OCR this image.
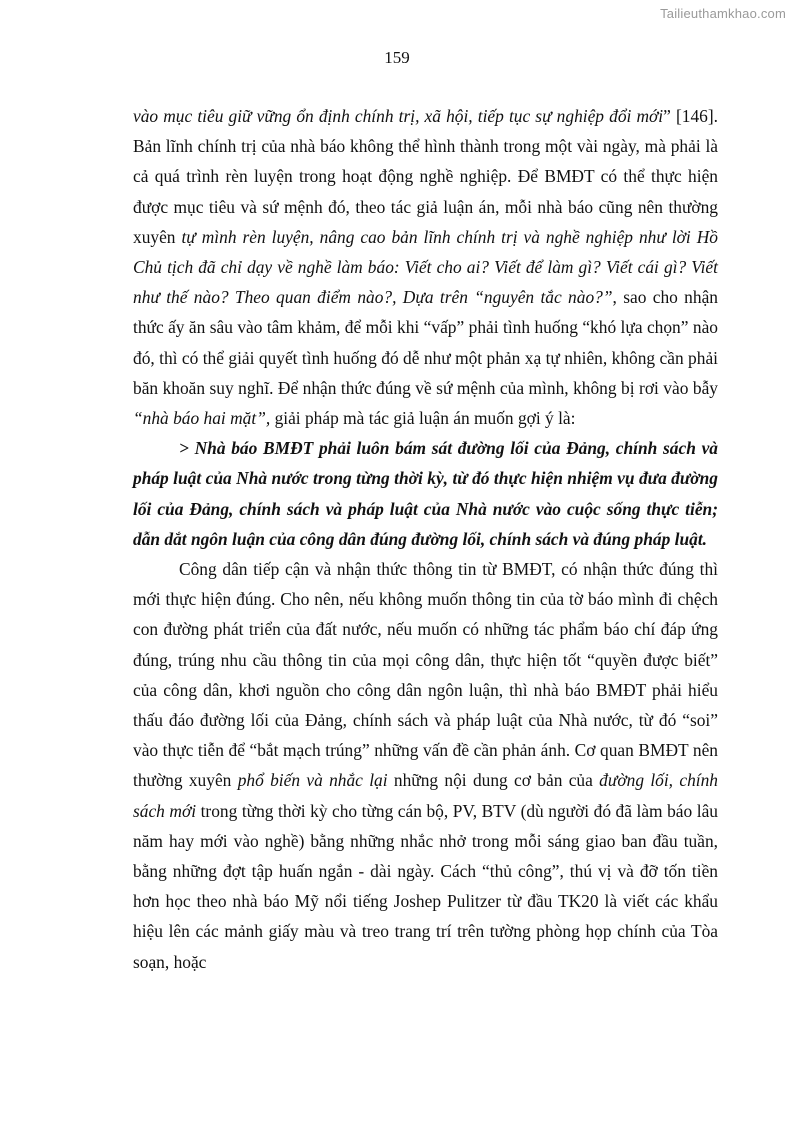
Tailieuthamkhao.com
159

vào mục tiêu giữ vững ổn định chính trị, xã hội, tiếp tục sự nghiệp đổi mới” [146]. Bản lĩnh chính trị của nhà báo không thể hình thành trong một vài ngày, mà phải là cả quá trình rèn luyện trong hoạt động nghề nghiệp. Để BMĐT có thể thực hiện được mục tiêu và sứ mệnh đó, theo tác giả luận án, mỗi nhà báo cũng nên thường xuyên tự mình rèn luyện, nâng cao bản lĩnh chính trị và nghề nghiệp như lời Hồ Chủ tịch đã chỉ dạy về nghề làm báo: Viết cho ai? Viết để làm gì? Viết cái gì? Viết như thế nào? Theo quan điểm nào?, Dựa trên “nguyên tắc nào?”, sao cho nhận thức ấy ăn sâu vào tâm khảm, để mỗi khi “vấp” phải tình huống “khó lựa chọn” nào đó, thì có thể giải quyết tình huống đó dễ như một phản xạ tự nhiên, không cần phải băn khoăn suy nghĩ. Để nhận thức đúng về sứ mệnh của mình, không bị rơi vào bẫy “nhà báo hai mặt”, giải pháp mà tác giả luận án muốn gợi ý là:

> Nhà báo BMĐT phải luôn bám sát đường lối của Đảng, chính sách và pháp luật của Nhà nước trong từng thời kỳ, từ đó thực hiện nhiệm vụ đưa đường lối của Đảng, chính sách và pháp luật của Nhà nước vào cuộc sống thực tiễn; dẫn dắt ngôn luận của công dân đúng đường lối, chính sách và đúng pháp luật.

Công dân tiếp cận và nhận thức thông tin từ BMĐT, có nhận thức đúng thì mới thực hiện đúng. Cho nên, nếu không muốn thông tin của tờ báo mình đi chệch con đường phát triển của đất nước, nếu muốn có những tác phẩm báo chí đáp ứng đúng, trúng nhu cầu thông tin của mọi công dân, thực hiện tốt “quyền được biết” của công dân, khơi nguồn cho công dân ngôn luận, thì nhà báo BMĐT phải hiểu thấu đáo đường lối của Đảng, chính sách và pháp luật của Nhà nước, từ đó “soi” vào thực tiễn để “bắt mạch trúng” những vấn đề cần phản ánh. Cơ quan BMĐT nên thường xuyên phổ biến và nhắc lại những nội dung cơ bản của đường lối, chính sách mới trong từng thời kỳ cho từng cán bộ, PV, BTV (dù người đó đã làm báo lâu năm hay mới vào nghề) bằng những nhắc nhở trong mỗi sáng giao ban đầu tuần, bằng những đợt tập huấn ngắn - dài ngày. Cách “thủ công”, thú vị và đỡ tốn tiền hơn học theo nhà báo Mỹ nổi tiếng Joshep Pulitzer từ đầu TK20 là viết các khẩu hiệu lên các mảnh giấy màu và treo trang trí trên tường phòng họp chính của Tòa soạn, hoặc
